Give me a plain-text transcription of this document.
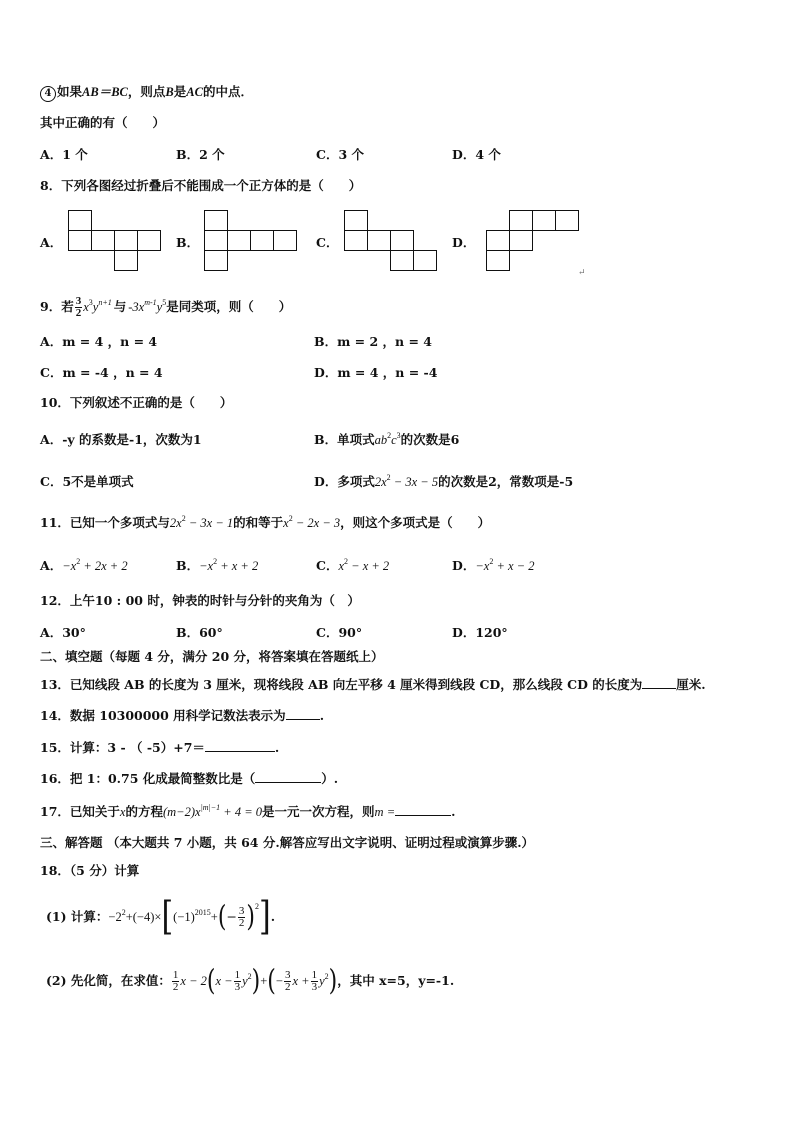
4 如果AB＝BC，则点B是AC的中点．
其中正确的有（　　）
A．1 个	B．2 个	C．3 个	D．4 个
8．下列各图经过折叠后不能围成一个正方体的是（　　）
A．	B．	C．	D．
↵
9．若 $\frac{3}{2} x^3y^{n+1}$ 与 $-3x^{m-1}y^5$是同类项，则（　　）
A．m = 4 ，n = 4	B．m = 2 ，n = 4
C．m = -4 ，n = 4	D．m = 4 ，n = -4
10．下列叙述不正确的是（　　）
A．-y 的系数是-1，次数为1	B．单项式$ab^2c^3$的次数是6
C．5不是单项式	D．多项式$2x^2 - 3x - 5$的次数是2，常数项是-5
11．已知一个多项式与$2x^2 - 3x - 1$的和等于$x^2 - 2x - 3$，则这个多项式是（　　）
A．$-x^2 + 2x + 2$	B．$-x^2 + x + 2$	C．$x^2 - x + 2$	D．$-x^2 + x - 2$
12．上午10 : 00 时，钟表的时针与分针的夹角为（　）
A．30°	B．60°	C．90°	D．120°
二、填空题（每题 4 分，满分 20 分，将答案填在答题纸上）
13．已知线段 AB 的长度为 3 厘米，现将线段 AB 向左平移 4 厘米得到线段 CD，那么线段 CD 的长度为	厘米.
14．数据 10300000 用科学记数法表示为	.
15．计算：3 - （ -5）+7＝	.
16．把 1：0.75 化成最简整数比是（	）.
17．已知关于x的方程$(m-2)x^{|m|-1} + 4 = 0$是一元一次方程，则m =	.
三、解答题 （本大题共 7 小题，共 64 分.解答应写出文字说明、证明过程或演算步骤.）
18．（5 分）计算
(1) 计算：$-2^2+(-4)\times[(-1)^{2015}+(- \frac{3}{2} )^2]$.
(2) 先化简，在求值： $\frac{1}{2}$ $x - 2(x - \frac{1}{3} y^2)+(- \frac{3}{2}$ $x + \frac{1}{3} y^2$)，其中 x=5，y=-1.
